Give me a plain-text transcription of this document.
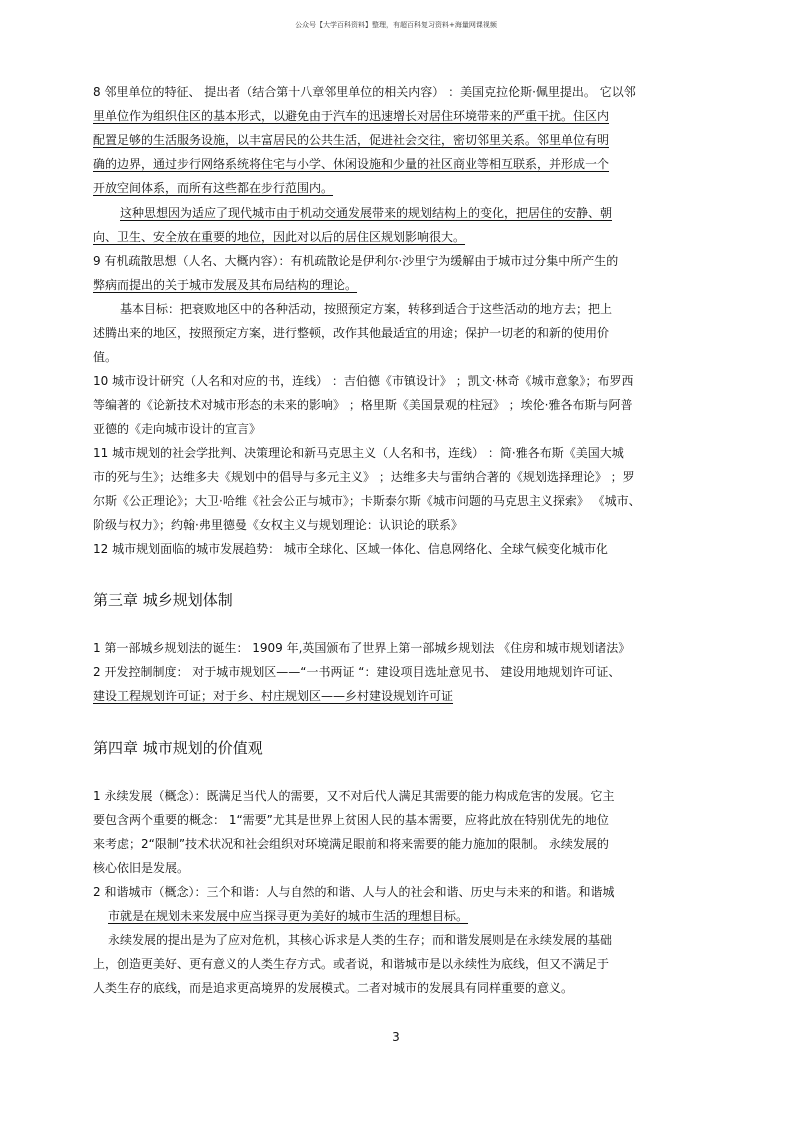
公众号【大学百科资料】整理，有超百科复习资料+海量网课视频
8 邻里单位的特征、 提出者（结合第十八章邻里单位的相关内容） ：美国克拉伦斯·佩里提出。 它以邻
里单位作为组织住区的基本形式，以避免由于汽车的迅速增长对居住环境带来的严重干扰。住区内
配置足够的生活服务设施，以丰富居民的公共生活，促进社会交往，密切邻里关系。邻里单位有明
确的边界，通过步行网络系统将住宅与小学、休闲设施和少量的社区商业等相互联系，并形成一个
开放空间体系，而所有这些都在步行范围内。
这种思想因为适应了现代城市由于机动交通发展带来的规划结构上的变化，把居住的安静、朝
向、卫生、安全放在重要的地位，因此对以后的居住区规划影响很大。
9 有机疏散思想（人名、大概内容）：有机疏散论是伊利尔·沙里宁为缓解由于城市过分集中所产生的
弊病而提出的关于城市发展及其布局结构的理论。
基本目标：把衰败地区中的各种活动，按照预定方案，转移到适合于这些活动的地方去；把上
述腾出来的地区，按照预定方案，进行整顿，改作其他最适宜的用途；保护一切老的和新的使用价
值。
10 城市设计研究（人名和对应的书，连线） ：吉伯德《市镇设计》 ；凯文·林奇《城市意象》；布罗西
等编著的《论新技术对城市形态的未来的影响》 ；格里斯《美国景观的柱冠》 ；埃伦·雅各布斯与阿普
亚德的《走向城市设计的宣言》
11 城市规划的社会学批判、决策理论和新马克思主义（人名和书，连线） ：简·雅各布斯《美国大城
市的死与生》；达维多夫《规划中的倡导与多元主义》 ；达维多夫与雷纳合著的《规划选择理论》 ；罗
尔斯《公正理论》；大卫·哈维《社会公正与城市》；卡斯泰尔斯《城市问题的马克思主义探索》 《城市、
阶级与权力》；约翰·弗里德曼《女权主义与规划理论：认识论的联系》
12 城市规划面临的城市发展趋势： 城市全球化、区域一体化、信息网络化、全球气候变化城市化
第三章 城乡规划体制
1 第一部城乡规划法的诞生： 1909 年,英国颁布了世界上第一部城乡规划法 《住房和城市规划诸法》
2 开发控制制度： 对于城市规划区——“一书两证 “：建设项目选址意见书、 建设用地规划许可证、
建设工程规划许可证；对于乡、村庄规划区——乡村建设规划许可证
第四章 城市规划的价值观
1 永续发展（概念）：既满足当代人的需要，又不对后代人满足其需要的能力构成危害的发展。它主
要包含两个重要的概念： 1“需要”尤其是世界上贫困人民的基本需要，应将此放在特别优先的地位
来考虑；2“限制”技术状况和社会组织对环境满足眼前和将来需要的能力施加的限制。 永续发展的
核心依旧是发展。
2 和谐城市（概念）：三个和谐：人与自然的和谐、人与人的社会和谐、历史与未来的和谐。和谐城
市就是在规划未来发展中应当探寻更为美好的城市生活的理想目标。
永续发展的提出是为了应对危机，其核心诉求是人类的生存；而和谐发展则是在永续发展的基础
上，创造更美好、更有意义的人类生存方式。或者说，和谐城市是以永续性为底线，但又不满足于
人类生存的底线，而是追求更高境界的发展模式。二者对城市的发展具有同样重要的意义。
3
